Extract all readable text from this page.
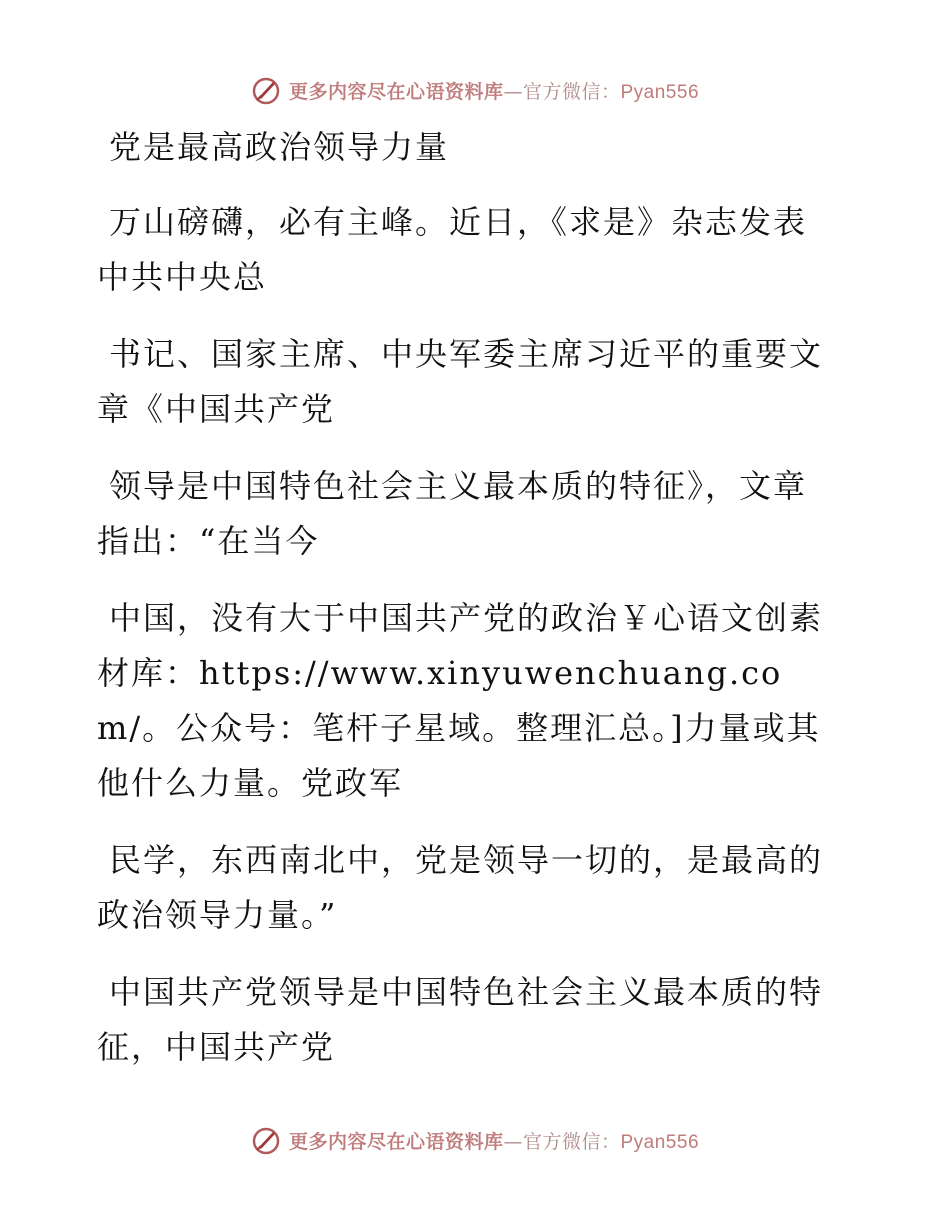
更多内容尽在心语资料库—官方微信：Pyan556

党是最高政治领导力量

万山磅礴，必有主峰。近日，《求是》杂志发表中共中央总

书记、国家主席、中央军委主席习近平的重要文章《中国共产党

领导是中国特色社会主义最本质的特征》，文章指出：“在当今

中国，没有大于中国共产党的政治￥心语文创素材库：https://www.xinyuwenchuang.com/。公众号：笔杆子星域。整理汇总。]力量或其他什么力量。党政军

民学，东西南北中，党是领导一切的，是最高的政治领导力量。”

中国共产党领导是中国特色社会主义最本质的特征，中国共产党

更多内容尽在心语资料库—官方微信：Pyan556
